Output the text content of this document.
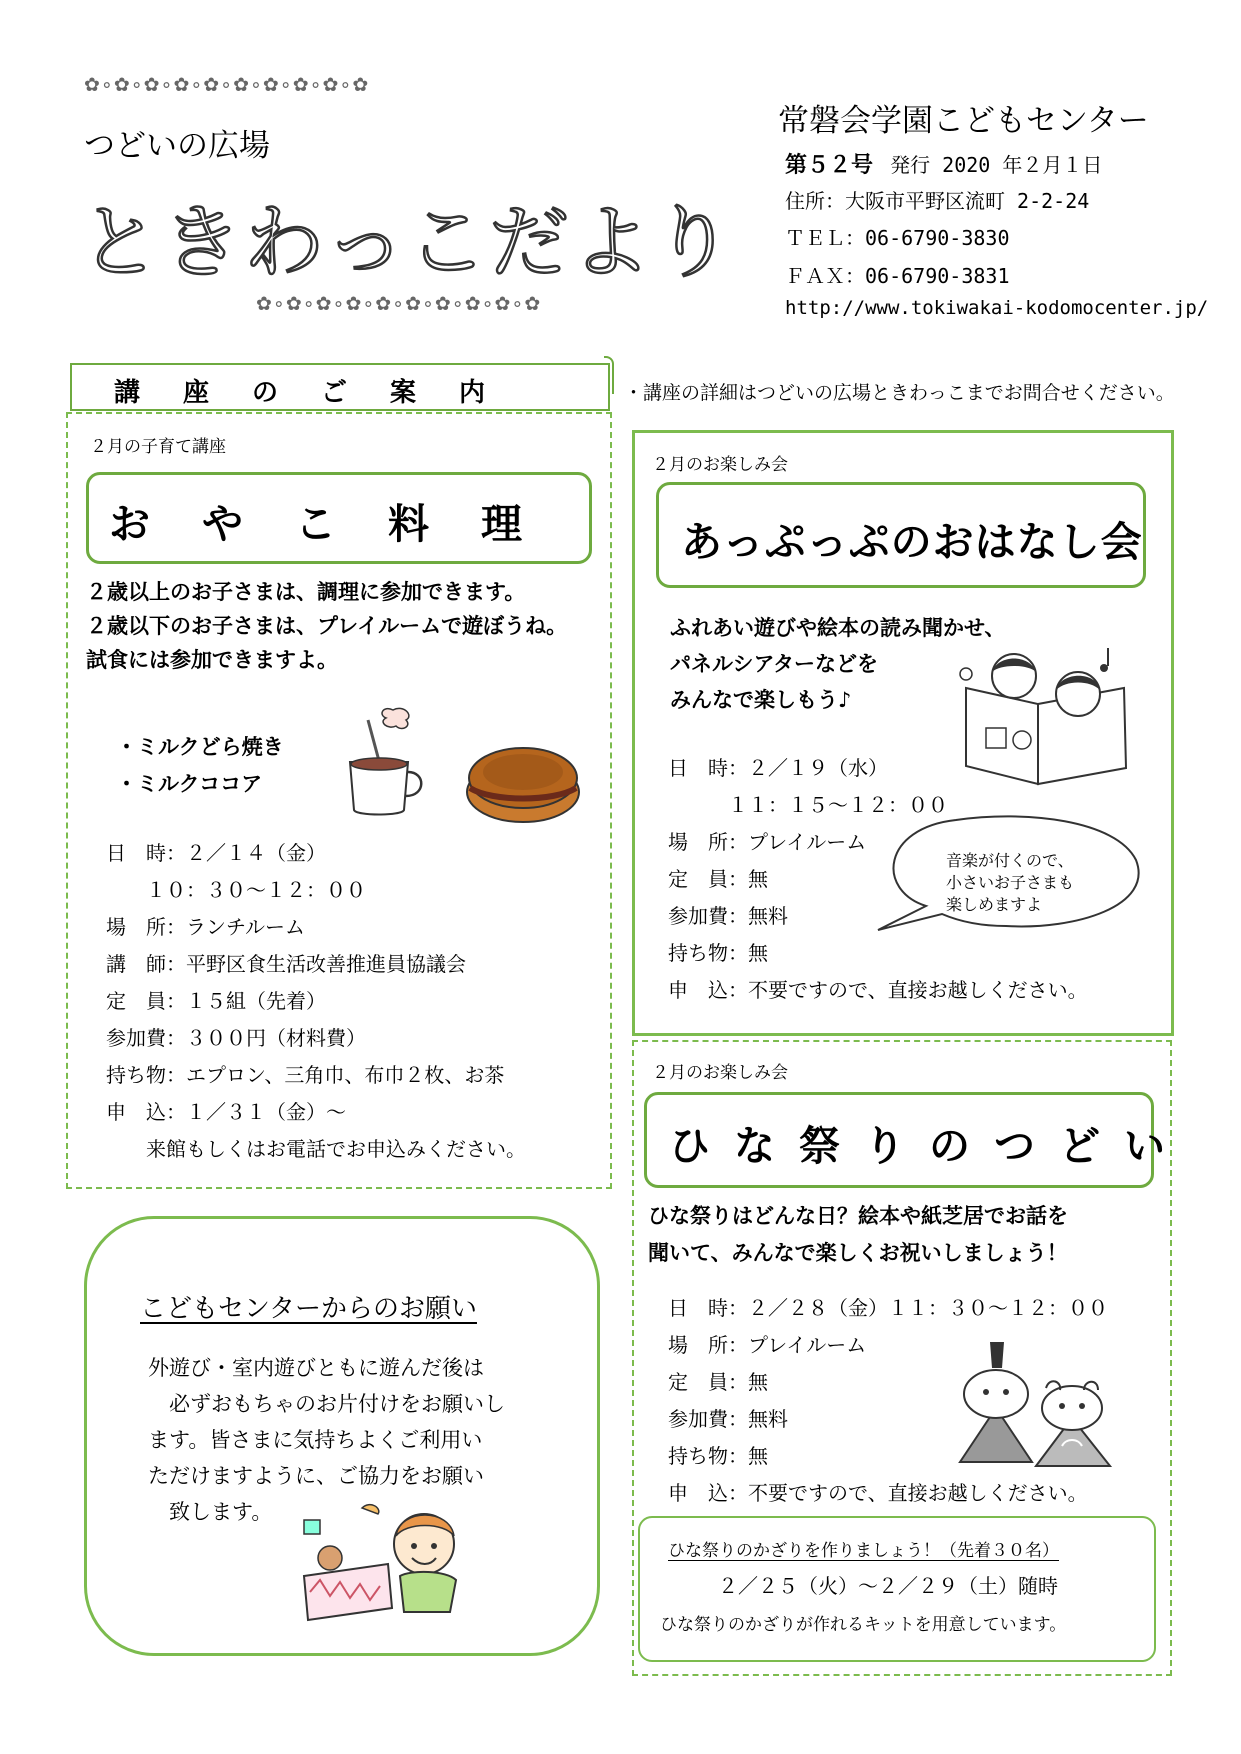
✿∘✿∘✿∘✿∘✿∘✿∘✿∘✿∘✿∘✿
つどいの広場
ときわっこだより
✿∘✿∘✿∘✿∘✿∘✿∘✿∘✿∘✿∘✿
常磐会学園こどもセンター
第５２号 発行 2020 年２月１日
住所：大阪市平野区流町 2-2-24
ＴＥＬ：06-6790-3830
ＦＡＸ：06-6790-3831
http://www.tokiwakai-kodomocenter.jp/
講座のご案内	・講座の詳細はつどいの広場ときわっこまでお問合せください。
２月の子育て講座
おやこ料理
２歳以上のお子さまは、調理に参加できます。
２歳以下のお子さまは、プレイルームで遊ぼうね。
試食には参加できますよ。
・ミルクどら焼き
・ミルクココア
日　時：２／１４（金）
　　１０：３０～１２：００
場　所：ランチルーム
講　師：平野区食生活改善推進員協議会
定　員：１５組（先着）
参加費：３００円（材料費）
持ち物：エプロン、三角巾、布巾２枚、お茶
申　込：１／３１（金）～
　　来館もしくはお電話でお申込みください。
２月のお楽しみ会
あっぷっぷのおはなし会
ふれあい遊びや絵本の読み聞かせ、
パネルシアターなどを
みんなで楽しもう♪
日　時：２／１９（水）
　　　１１：１５～１２：００
場　所：プレイルーム
定　員：無
参加費：無料
持ち物：無
申　込：不要ですので、直接お越しください。
音楽が付くので、
小さいお子さまも
楽しめますよ
２月のお楽しみ会
ひな祭りのつどい
ひな祭りはどんな日？絵本や紙芝居でお話を
聞いて、みんなで楽しくお祝いしましょう！
日　時：２／２８（金）１１：３０～１２：００
場　所：プレイルーム
定　員：無
参加費：無料
持ち物：無
申　込：不要ですので、直接お越しください。
ひな祭りのかざりを作りましょう！（先着３０名）
２／２５（火）～２／２９（土）随時
ひな祭りのかざりが作れるキットを用意しています。
こどもセンターからのお願い
外遊び・室内遊びともに遊んだ後は
　必ずおもちゃのお片付けをお願いし
ます。皆さまに気持ちよくご利用い
ただけますように、ご協力をお願い
　致します。
